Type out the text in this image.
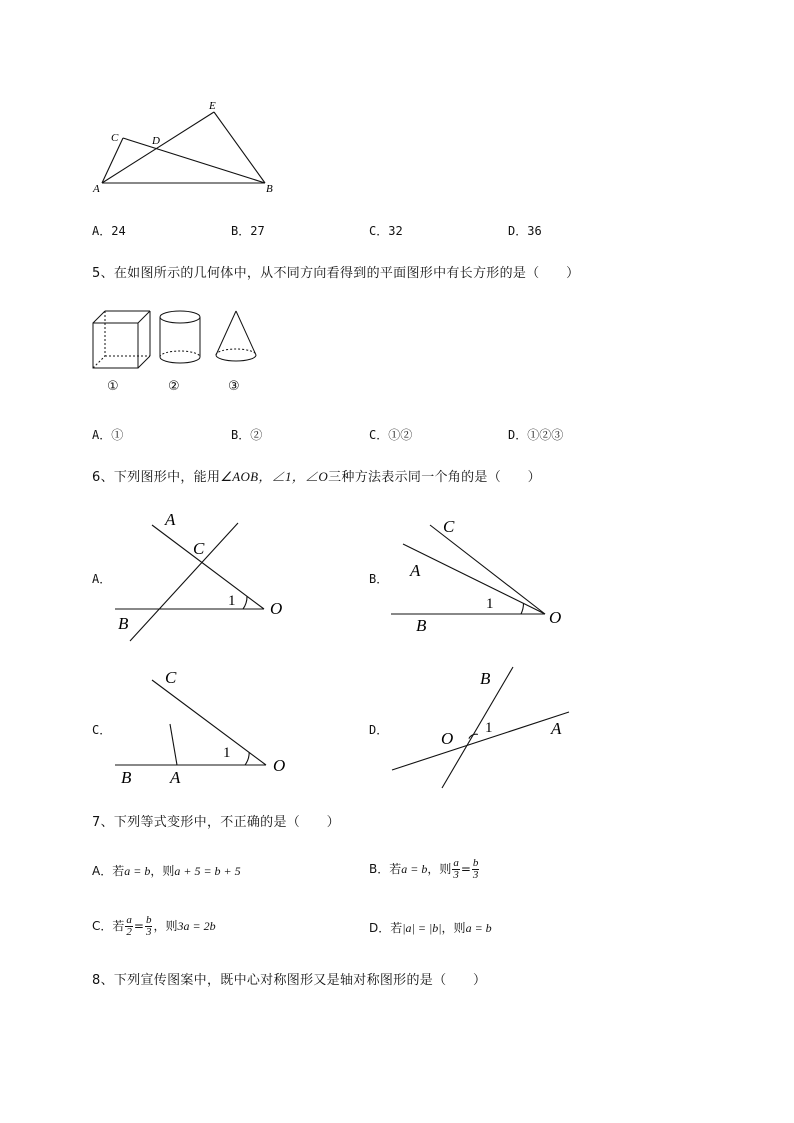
A	B
C	D
E
A．24	B．27	C．32	D．36
5、在如图所示的几何体中，从不同方向看得到的平面图形中有长方形的是（　　）
①	②	③
A．①	B．②	C．①②	D．①②③
6、下列图形中，能用∠AOB，∠1，∠O三种方法表示同一个角的是（　　）
A．
A
C
1
B
O
B．
C
A
1
B	O
C．
C
1
B A
O
D．
B
1
O
A
7、下列等式变形中，不正确的是（　　）
A．若a = b，则a + 5 = b + 5	B．若a = b，则 $\frac{a}{3} = \frac{b}{3}$
C．若 $\frac{a}{2} = \frac{b}{3}$ ，则3a = 2b	D．若|a| = |b|，则a = b
8、下列宣传图案中，既中心对称图形又是轴对称图形的是（　　）
